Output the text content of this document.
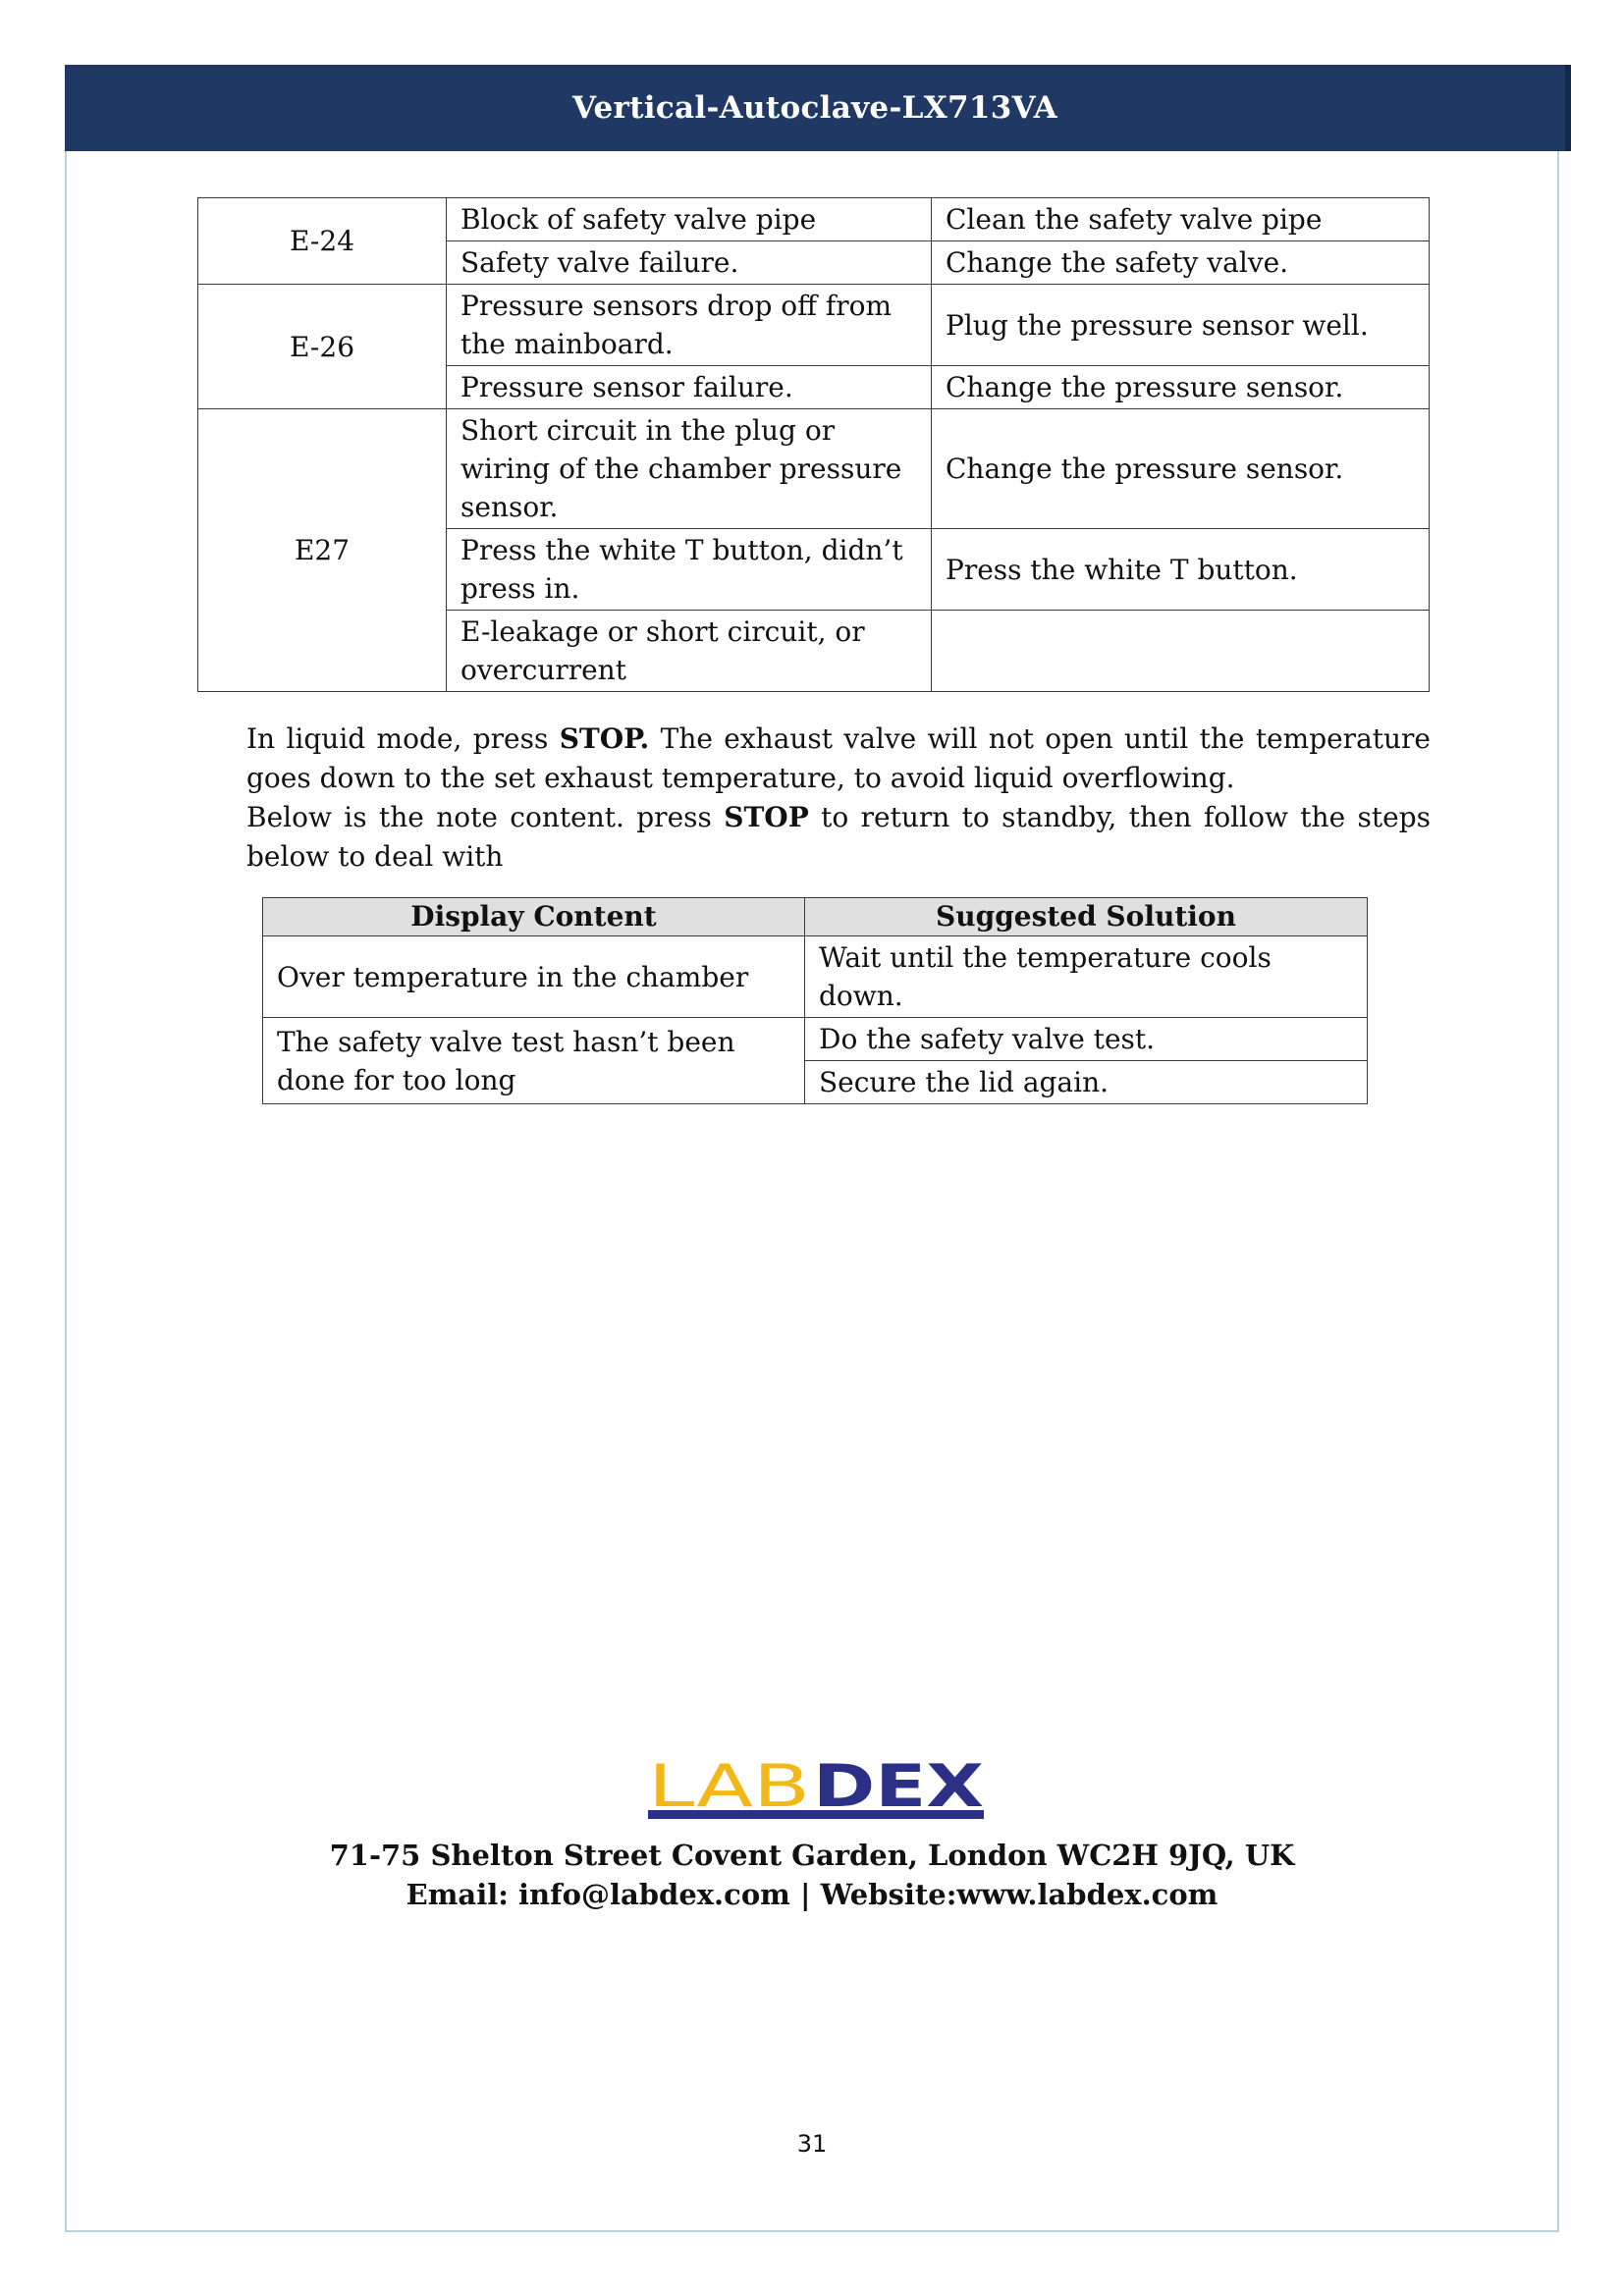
Vertical-Autoclave-LX713VA
E-24	Block of safety valve pipe	Clean the safety valve pipe
	Safety valve failure.	Change the safety valve.
E-26	Pressure sensors drop off from the mainboard.	Plug the pressure sensor well.
	Pressure sensor failure.	Change the pressure sensor.
E27	Short circuit in the plug or wiring of the chamber pressure sensor.	Change the pressure sensor.
	Press the white T button, didn’t press in.	Press the white T button.
	E-leakage or short circuit, or overcurrent	

In liquid mode, press STOP. The exhaust valve will not open until the temperature goes down to the set exhaust temperature, to avoid liquid overflowing.

Below is the note content. press STOP to return to standby, then follow the steps below to deal with

Display Content	Suggested Solution
Over temperature in the chamber	Wait until the temperature cools down.
The safety valve test hasn’t been done for too long	Do the safety valve test.
	Secure the lid again.
LAB DEX
71-75 Shelton Street Covent Garden, London WC2H 9JQ, UK
Email: info@labdex.com | Website:www.labdex.com
31
